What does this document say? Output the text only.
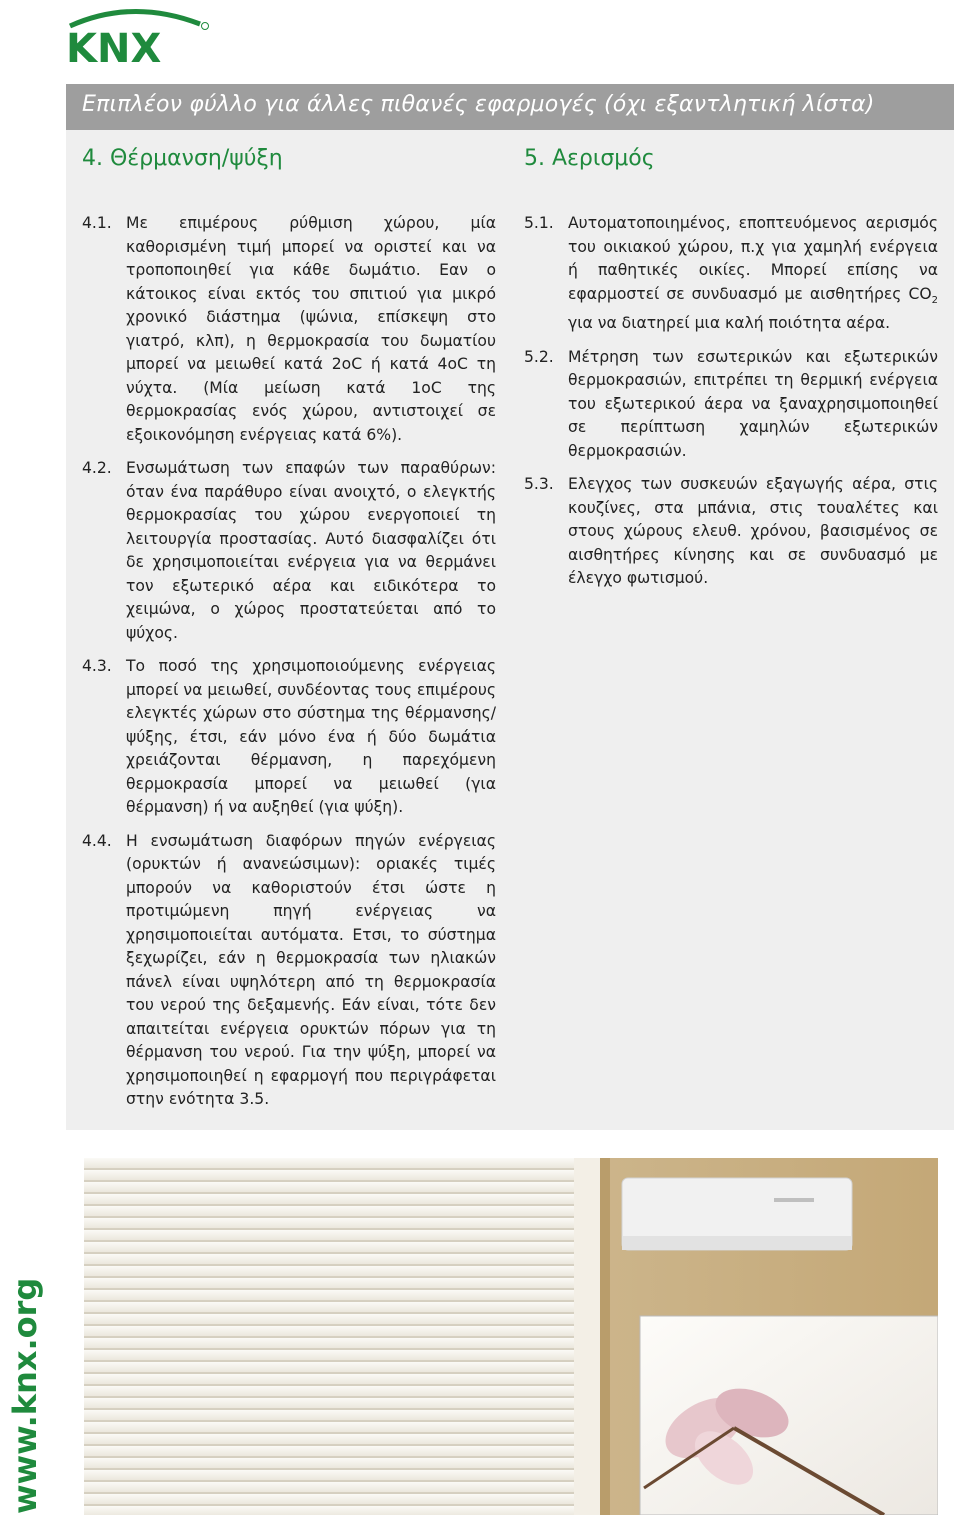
KNX
Επιπλέον φύλλο για άλλες πιθανές εφαρμογές (όχι εξαντλητική λίστα)
4. Θέρμανση/ψύξη	5. Αερισμός
4.1. Με επιμέρους ρύθμιση χώρου, μία καθορισμένη τιμή μπορεί να οριστεί και να τροποποιηθεί για κάθε δωμάτιο. Εαν ο κάτοικος είναι εκτός του σπιτιού για μικρό χρονικό διάστημα (ψώνια, επίσκεψη στο γιατρό, κλπ), η θερμοκρασία του δωματίου μπορεί να μειωθεί κατά 2oC ή κατά 4oC τη νύχτα. (Μία μείωση κατά 1oC της θερμοκρασίας ενός χώρου, αντιστοιχεί σε εξοικονόμηση ενέργειας κατά 6%).
4.2. Ενσωμάτωση των επαφών των παραθύρων: όταν ένα παράθυρο είναι ανοιχτό, ο ελεγκτής θερμοκρασίας του χώρου ενεργοποιεί τη λειτουργία προστασίας. Αυτό διασφαλίζει ότι δε χρησιμοποιείται ενέργεια για να θερμάνει τον εξωτερικό αέρα και ειδικότερα το χειμώνα, ο χώρος προστατεύεται από το ψύχος.
4.3. Το ποσό της χρησιμοποιούμενης ενέργειας μπορεί να μειωθεί, συνδέοντας τους επιμέρους ελεγκτές χώρων στο σύστημα της θέρμανσης/ψύξης, έτσι, εάν μόνο ένα ή δύο δωμάτια χρειάζονται θέρμανση, η παρεχόμενη θερμοκρασία μπορεί να μειωθεί (για θέρμανση) ή να αυξηθεί (για ψύξη).
4.4. Η ενσωμάτωση διαφόρων πηγών ενέργειας (ορυκτών ή ανανεώσιμων): οριακές τιμές μπορούν να καθοριστούν έτσι ώστε η προτιμώμενη πηγή ενέργειας να χρησιμοποιείται αυτόματα. Ετσι, το σύστημα ξεχωρίζει, εάν η θερμοκρασία των ηλιακών πάνελ είναι υψηλότερη από τη θερμοκρασία του νερού της δεξαμενής. Εάν είναι, τότε δεν απαιτείται ενέργεια ορυκτών πόρων για τη θέρμανση του νερού. Για την ψύξη, μπορεί να χρησιμοποιηθεί η εφαρμογή που περιγράφεται στην ενότητα 3.5.
5.1. Αυτοματοποιημένος, εποπτευόμενος αερισμός του οικιακού χώρου, π.χ για χαμηλή ενέργεια ή παθητικές οικίες. Μπορεί επίσης να εφαρμοστεί σε συνδυασμό με αισθητήρες $CO_2$ για να διατηρεί μια καλή ποιότητα αέρα.
5.2. Μέτρηση των εσωτερικών και εξωτερικών θερμοκρασιών, επιτρέπει τη θερμική ενέργεια του εξωτερικού άερα να ξαναχρησιμοποιηθεί σε περίπτωση χαμηλών εξωτερικών θερμοκρασιών.
5.3. Ελεγχος των συσκευών εξαγωγής αέρα, στις κουζίνες, στα μπάνια, στις τουαλέτες και στους χώρους ελευθ. χρόνου, βασισμένος σε αισθητήρες κίνησης και σε συνδυασμό με έλεγχο φωτισμού.
www.knx.org
